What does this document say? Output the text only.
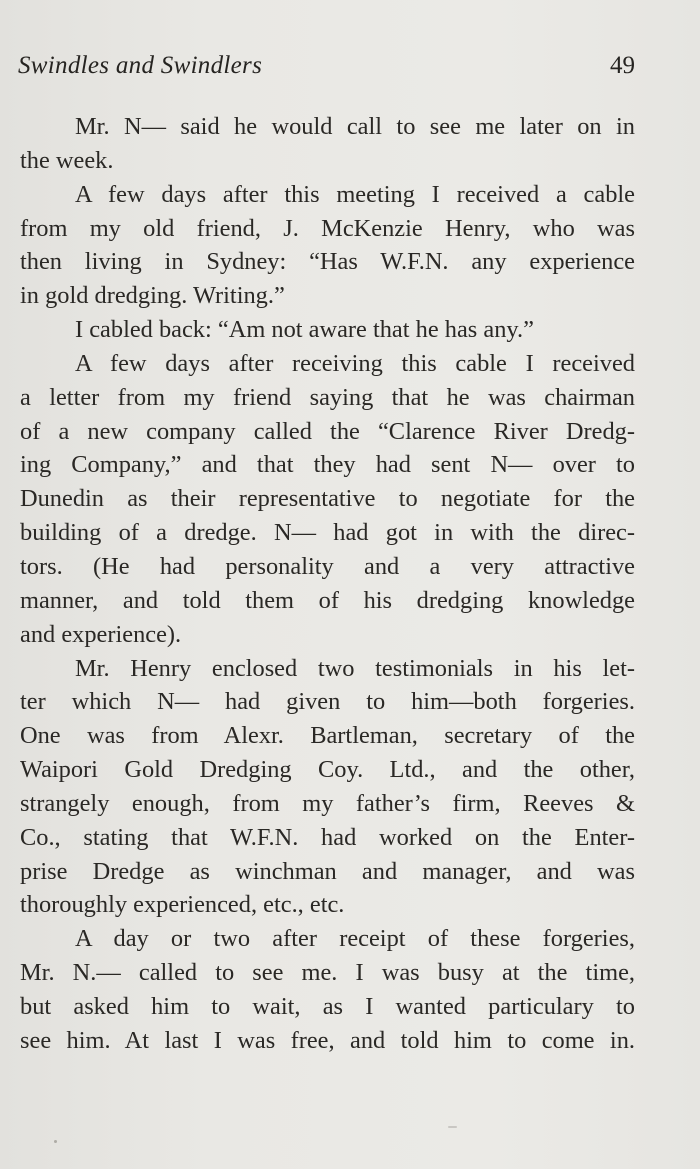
Swindles and Swindlers	49
Mr. N— said he would call to see me later on in
the week.
A few days after this meeting I received a cable
from my old friend, J. McKenzie Henry, who was
then living in Sydney: “Has W.F.N. any experience
in gold dredging. Writing.”
I cabled back: “Am not aware that he has any.”
A few days after receiving this cable I received
a letter from my friend saying that he was chairman
of a new company called the “Clarence River Dredg-
ing Company,” and that they had sent N— over to
Dunedin as their representative to negotiate for the
building of a dredge. N— had got in with the direc-
tors. (He had personality and a very attractive
manner, and told them of his dredging knowledge
and experience).
Mr. Henry enclosed two testimonials in his let-
ter which N— had given to him—both forgeries.
One was from Alexr. Bartleman, secretary of the
Waipori Gold Dredging Coy. Ltd., and the other,
strangely enough, from my father’s firm, Reeves &
Co., stating that W.F.N. had worked on the Enter-
prise Dredge as winchman and manager, and was
thoroughly experienced, etc., etc.
A day or two after receipt of these forgeries,
Mr. N.— called to see me. I was busy at the time,
but asked him to wait, as I wanted particulary to
see him. At last I was free, and told him to come in.
